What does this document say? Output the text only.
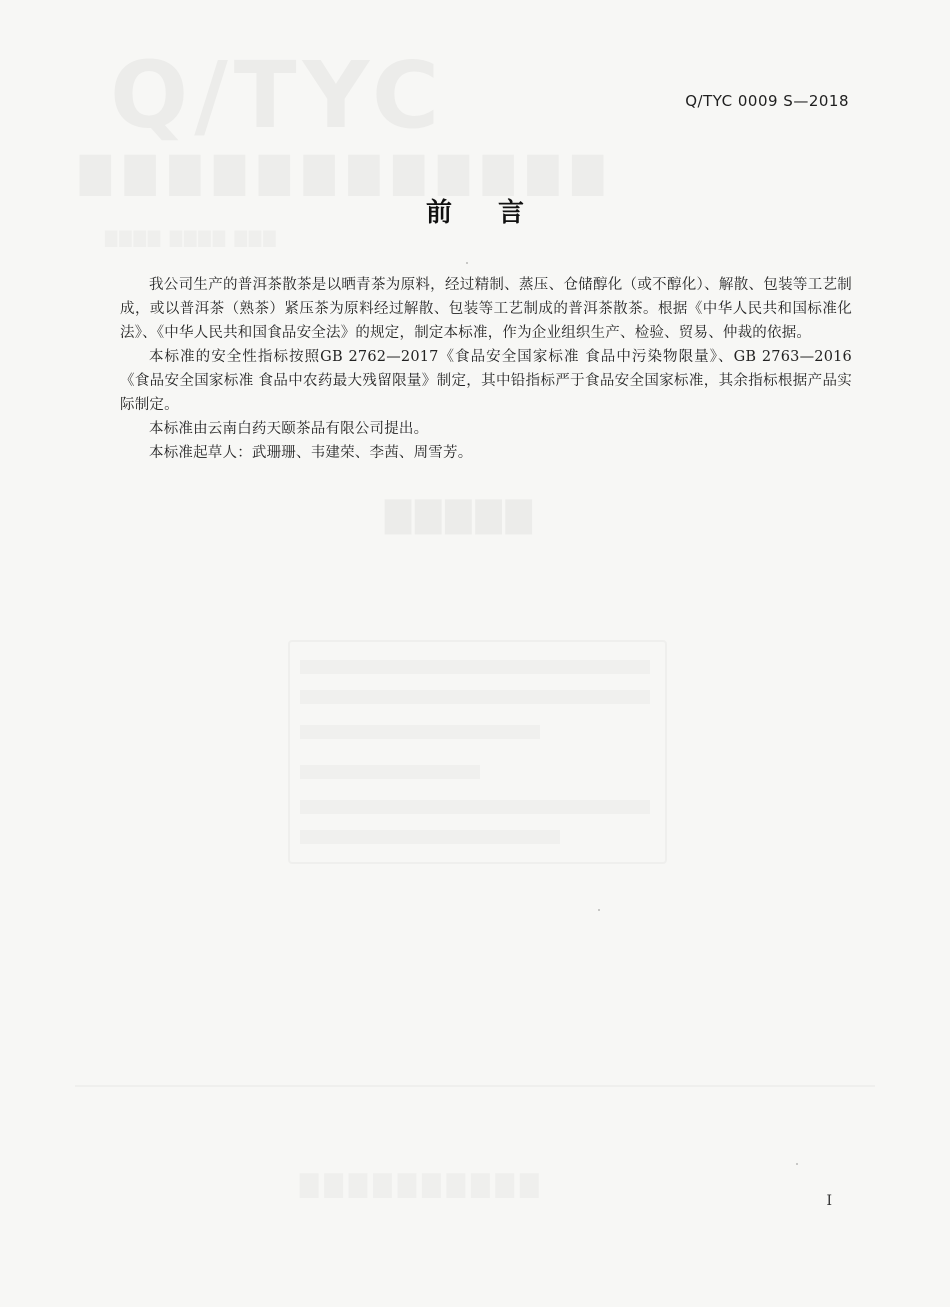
Q/TYC
▇▇▇▇▇▇▇▇▇▇▇▇
▇▇▇▇ ▇▇▇▇ ▇▇▇
▇▇▇▇▇
▇▇▇▇▇▇▇▇▇▇
Q/TYC 0009 S—2018
前言

我公司生产的普洱茶散茶是以晒青茶为原料，经过精制、蒸压、仓储醇化（或不醇化）、解散、包装等工艺制成，或以普洱茶（熟茶）紧压茶为原料经过解散、包装等工艺制成的普洱茶散茶。根据《中华人民共和国标准化法》、《中华人民共和国食品安全法》的规定，制定本标准，作为企业组织生产、检验、贸易、仲裁的依据。

本标准的安全性指标按照GB 2762—2017《食品安全国家标准 食品中污染物限量》、GB 2763—2016《食品安全国家标准 食品中农药最大残留限量》制定，其中铅指标严于食品安全国家标准，其余指标根据产品实际制定。

本标准由云南白药天颐茶品有限公司提出。

本标准起草人：武珊珊、韦建荣、李茜、周雪芳。

I
